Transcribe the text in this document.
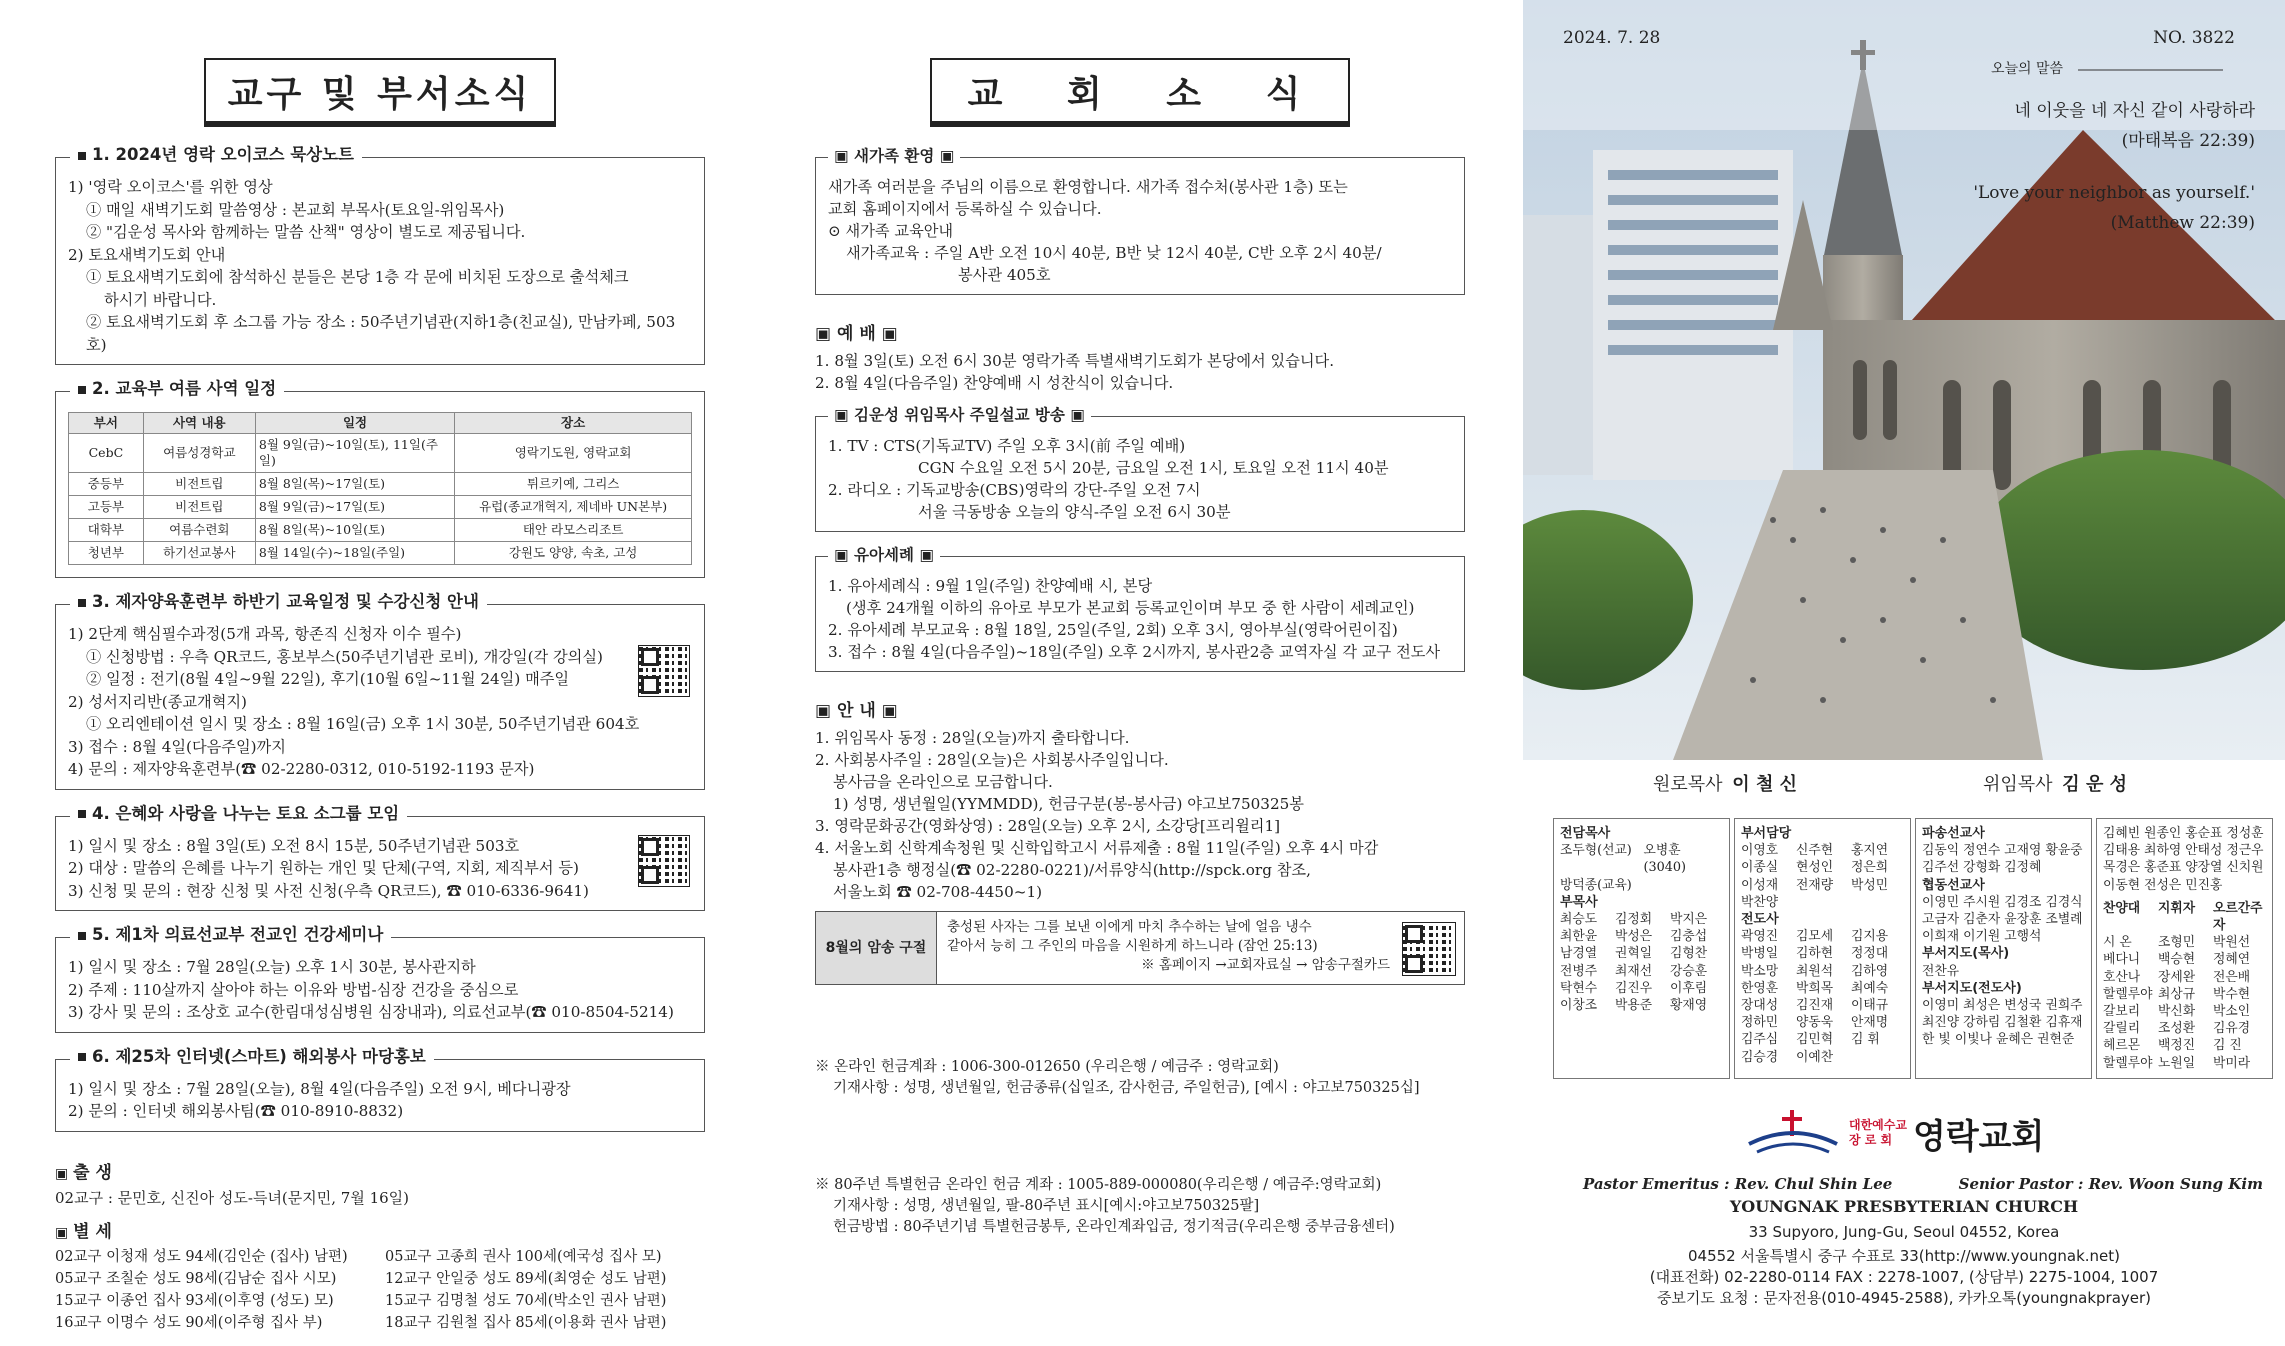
교구 및 부서소식
1. 2024년 영락 오이코스 묵상노트
1) '영락 오이코스'를 위한 영상
① 매일 새벽기도회 말씀영상 : 본교회 부목사(토요일-위임목사)
② "김운성 목사와 함께하는 말씀 산책" 영상이 별도로 제공됩니다.
2) 토요새벽기도회 안내
① 토요새벽기도회에 참석하신 분들은 본당 1층 각 문에 비치된 도장으로 출석체크
하시기 바랍니다.
② 토요새벽기도회 후 소그룹 가능 장소 : 50주년기념관(지하1층(친교실), 만남카페, 503호)
2. 교육부 여름 사역 일정
부서	사역 내용	일정	장소
CebC	여름성경학교	8월 9일(금)~10일(토), 11일(주일)	영락기도원, 영락교회
중등부	비전트립	8월 8일(목)~17일(토)	튀르키예, 그리스
고등부	비전트립	8월 9일(금)~17일(토)	유럽(종교개혁지, 제네바 UN본부)
대학부	여름수련회	8월 8일(목)~10일(토)	태안 라모스리조트
청년부	하기선교봉사	8월 14일(수)~18일(주일)	강원도 양양, 속초, 고성
3. 제자양육훈련부 하반기 교육일정 및 수강신청 안내
1) 2단계 핵심필수과정(5개 과목, 항존직 신청자 이수 필수)
① 신청방법 : 우측 QR코드, 홍보부스(50주년기념관 로비), 개강일(각 강의실)
② 일정 : 전기(8월 4일~9월 22일), 후기(10월 6일~11월 24일) 매주일
2) 성서지리반(종교개혁지)
① 오리엔테이션 일시 및 장소 : 8월 16일(금) 오후 1시 30분, 50주년기념관 604호
3) 접수 : 8월 4일(다음주일)까지
4) 문의 : 제자양육훈련부(☎ 02-2280-0312, 010-5192-1193 문자)
4. 은혜와 사랑을 나누는 토요 소그룹 모임
1) 일시 및 장소 : 8월 3일(토) 오전 8시 15분, 50주년기념관 503호
2) 대상 : 말씀의 은혜를 나누기 원하는 개인 및 단체(구역, 지회, 제직부서 등)
3) 신청 및 문의 : 현장 신청 및 사전 신청(우측 QR코드), ☎ 010-6336-9641)
5. 제1차 의료선교부 전교인 건강세미나
1) 일시 및 장소 : 7월 28일(오늘) 오후 1시 30분, 봉사관지하
2) 주제 : 110살까지 살아야 하는 이유와 방법-심장 건강을 중심으로
3) 강사 및 문의 : 조상호 교수(한림대성심병원 심장내과), 의료선교부(☎ 010-8504-5214)
6. 제25차 인터넷(스마트) 해외봉사 마당홍보
1) 일시 및 장소 : 7월 28일(오늘), 8월 4일(다음주일) 오전 9시, 베다니광장
2) 문의 : 인터넷 해외봉사팀(☎ 010-8910-8832)
▣ 출 생
02교구 : 문민호, 신진아 성도-득녀(문지민, 7월 16일)
▣ 별 세
02교구 이청재 성도 94세(김인순 (집사) 남편)	05교구 고종희 권사 100세(예국성 집사 모)
05교구 조칠순 성도 98세(김남순 집사 시모)	12교구 안일중 성도 89세(최영순 성도 남편)
15교구 이종언 집사 93세(이후영 (성도) 모)	15교구 김명철 성도 70세(박소인 권사 남편)
16교구 이명수 성도 90세(이주형 집사 부)	18교구 김원철 집사 85세(이용화 권사 남편)
교 회 소 식
▣ 새가족 환영 ▣
새가족 여러분을 주님의 이름으로 환영합니다. 새가족 접수처(봉사관 1층) 또는
교회 홈페이지에서 등록하실 수 있습니다.
⊙ 새가족 교육안내
새가족교육 : 주일 A반 오전 10시 40분, B반 낮 12시 40분, C반 오후 2시 40분/
봉사관 405호
▣ 예 배 ▣
1. 8월 3일(토) 오전 6시 30분 영락가족 특별새벽기도회가 본당에서 있습니다.
2. 8월 4일(다음주일) 찬양예배 시 성찬식이 있습니다.
▣ 김운성 위임목사 주일설교 방송 ▣
1. TV : CTS(기독교TV) 주일 오후 3시(前 주일 예배)
CGN 수요일 오전 5시 20분, 금요일 오전 1시, 토요일 오전 11시 40분
2. 라디오 : 기독교방송(CBS)영락의 강단-주일 오전 7시
서울 극동방송 오늘의 양식-주일 오전 6시 30분
▣ 유아세례 ▣
1. 유아세례식 : 9월 1일(주일) 찬양예배 시, 본당
(생후 24개월 이하의 유아로 부모가 본교회 등록교인이며 부모 중 한 사람이 세례교인)
2. 유아세례 부모교육 : 8월 18일, 25일(주일, 2회) 오후 3시, 영아부실(영락어린이집)
3. 접수 : 8월 4일(다음주일)~18일(주일) 오후 2시까지, 봉사관2층 교역자실 각 교구 전도사
▣ 안 내 ▣
1. 위임목사 동정 : 28일(오늘)까지 출타합니다.
2. 사회봉사주일 : 28일(오늘)은 사회봉사주일입니다.
봉사금을 온라인으로 모금합니다.
1) 성명, 생년월일(YYMMDD), 헌금구분(봉-봉사금) 야고보750325봉
3. 영락문화공간(영화상영) : 28일(오늘) 오후 2시, 소강당[프리윌리1]
4. 서울노회 신학계속청원 및 신학입학고시 서류제출 : 8월 11일(주일) 오후 4시 마감
봉사관1층 행정실(☎ 02-2280-0221)/서류양식(http://spck.org 참조,
서울노회 ☎ 02-708-4450~1)
8월의 암송 구절
충성된 사자는 그를 보낸 이에게 마치 추수하는 날에 얼음 냉수
같아서 능히 그 주인의 마음을 시원하게 하느니라 (잠언 25:13)
※ 홈페이지 →교회자료실 → 암송구절카드
※ 온라인 헌금계좌 : 1006-300-012650 (우리은행 / 예금주 : 영락교회)
기재사항 : 성명, 생년월일, 헌금종류(십일조, 감사헌금, 주일헌금), [예시 : 야고보750325십]
※ 80주년 특별헌금 온라인 헌금 계좌 : 1005-889-000080(우리은행 / 예금주:영락교회)
기재사항 : 성명, 생년월일, 팔-80주년 표시[예시:야고보750325팔]
헌금방법 : 80주년기념 특별헌금봉투, 온라인계좌입금, 정기적금(우리은행 중부금융센터)
2024. 7. 28	NO. 3822
오늘의 말씀
네 이웃을 네 자신 같이 사랑하라
(마태복음 22:39)
'Love your neighbor as yourself.'
(Matthew 22:39)
원로목사 이 철 신	위임목사 김 운 성
전담목사
조두형(선교) 오병훈(3040)
방덕종(교육)
부목사
최승도	김정회	박지은
최한윤	박성은	김충섭
남경열	권혁일	김형찬
전병주	최재선	강승훈
탁현수	김진우	이후림
이창조	박용준	황재영
부서담당
이영호	신주현	홍지연
이종실	현성인	정은희
이성재	전재량	박성민
박찬양
전도사
곽영진	김모세	김지용
박병일	김하현	정정대
박소망	최원석	김하영
한영훈	박희목	최예숙
장대성	김진재	이태규
정하민	양동욱	안재명
김주심	김민혁	김 휘
김승경	이예찬
파송선교사
김동익 정연수 고재영 황윤중
김주선 강형화 김정혜
협동선교사
이영민 주시원 김경조 김경식
고금자 김춘자 윤장훈 조별례
이희재 이기원 고행석
부서지도(목사)
전찬유
부서지도(전도사)
이영미 최성은 변성국 권희주
최진양 강하림 김철환 김휴재
한 빛 이빛나 윤혜은 권현준
김혜빈 원종인 홍순표 정성훈
김태용 최하영 안태성 정근우
목경은 홍준표 양장열 신치원
이동현 전성은 민진홍
찬양대	지휘자	오르간주자
시 온	조형민	박원선
베다니	백승현	정혜연
호산나	장세완	전은배
할렐루야 최상규	박수현
갈보리	박신화	박소인
갈릴리	조성환	김유경
헤르몬	백정진	김 진
할렐루야 노원일	박미라
대한예수교
장 로 회 영락교회
Pastor Emeritus : Rev. Chul Shin Lee	Senior Pastor : Rev. Woon Sung Kim
YOUNGNAK PRESBYTERIAN CHURCH
33 Supyoro, Jung-Gu, Seoul 04552, Korea
04552 서울특별시 중구 수표로 33(http://www.youngnak.net)
(대표전화) 02-2280-0114 FAX : 2278-1007, (상담부) 2275-1004, 1007
중보기도 요청 : 문자전용(010-4945-2588), 카카오톡(youngnakprayer)
